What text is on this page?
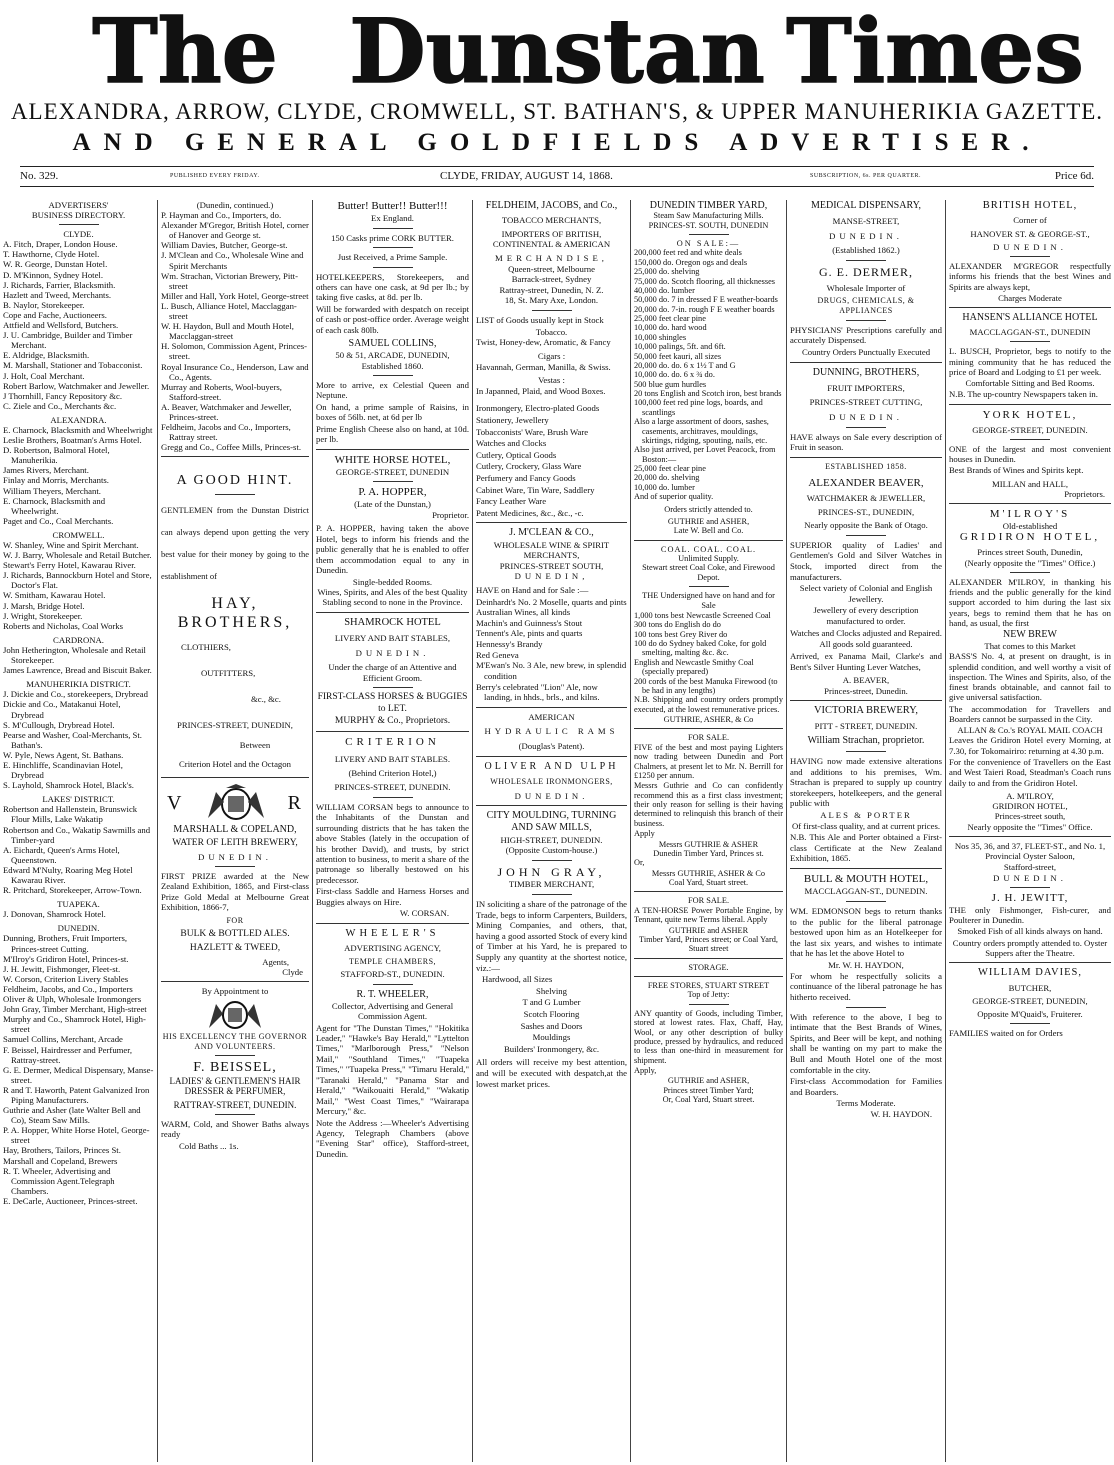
The Dunstan Times
ALEXANDRA, ARROW, CLYDE, CROMWELL, ST. BATHAN'S, & UPPER MANUHERIKIA GAZETTE.
AND GENERAL GOLDFIELDS ADVERTISER.
No. 329.	PUBLISHED EVERY FRIDAY.	CLYDE, FRIDAY, AUGUST 14, 1868.	SUBSCRIPTION, 6s. PER QUARTER.	Price 6d.
ADVERTISERS'
BUSINESS DIRECTORY.
CLYDE.

A. Fitch, Draper, London House.

T. Hawthorne, Clyde Hotel.

W. R. George, Dunstan Hotel.

D. M'Kinnon, Sydney Hotel.

J. Richards, Farrier, Blacksmith.

Hazlett and Tweed, Merchants.

B. Naylor, Storekeeper.

Cope and Fache, Auctioneers.

Attfield and Wellsford, Butchers.

J. U. Cambridge, Builder and Timber Merchant.

E. Aldridge, Blacksmith.

M. Marshall, Stationer and Tobacconist.

J. Holt, Coal Merchant.

Robert Barlow, Watchmaker and Jeweller.

J Thornhill, Fancy Repository &c.

C. Ziele and Co., Merchants &c.

ALEXANDRA.

E. Charnock, Blacksmith and Wheelwright

Leslie Brothers, Boatman's Arms Hotel.

D. Robertson, Balmoral Hotel, Manuherikia.

James Rivers, Merchant.

Finlay and Morris, Merchants.

William Theyers, Merchant.

E. Charnock, Blacksmith and Wheelwright.

Paget and Co., Coal Merchants.

CROMWELL.

W. Shanley, Wine and Spirit Merchant.

W. J. Barry, Wholesale and Retail Butcher.

Stewart's Ferry Hotel, Kawarau River.

J. Richards, Bannockburn Hotel and Store, Doctor's Flat.

W. Smitham, Kawarau Hotel.

J. Marsh, Bridge Hotel.

J. Wright, Storekeeper.

Roberts and Nicholas, Coal Works

CARDRONA.

John Hetherington, Wholesale and Retail Storekeeper.

James Lawrence, Bread and Biscuit Baker.

MANUHERIKIA DISTRICT.

J. Dickie and Co., storekeepers, Drybread

Dickie and Co., Matakanui Hotel, Drybread

S. M'Cullough, Drybread Hotel.

Pearse and Washer, Coal-Merchants, St. Bathan's.

W. Pyle, News Agent, St. Bathans.

E. Hinchliffe, Scandinavian Hotel, Drybread

S. Layhold, Shamrock Hotel, Black's.

LAKES' DISTRICT.

Robertson and Hallenstein, Brunswick Flour Mills, Lake Wakatip

Robertson and Co., Wakatip Sawmills and Timber-yard

A. Eichardt, Queen's Arms Hotel, Queenstown.

Edward M'Nulty, Roaring Meg Hotel Kawarau River.

R. Pritchard, Storekeeper, Arrow-Town.

TUAPEKA.

J. Donovan, Shamrock Hotel.

DUNEDIN.

Dunning, Brothers, Fruit Importers, Princes-street Cutting.

M'Ilroy's Gridiron Hotel, Princes-st.

J. H. Jewitt, Fishmonger, Fleet-st.

W. Corson, Criterion Livery Stables

Feldheim, Jacobs, and Co., Importers

Oliver & Ulph, Wholesale Ironmongers

John Gray, Timber Merchant, High-street

Murphy and Co., Shamrock Hotel, High-street

Samuel Collins, Merchant, Arcade

F. Beissel, Hairdresser and Perfumer, Rattray-street.

G. E. Dermer, Medical Dispensary, Manse-street.

R and T. Haworth, Patent Galvanized Iron Piping Manufacturers.

Guthrie and Asher (late Walter Bell and Co), Steam Saw Mills.

P. A. Hopper, White Horse Hotel, George-street

Hay, Brothers, Tailors, Princes St.

Marshall and Copeland, Brewers

R. T. Wheeler, Advertising and Commission Agent.Telegraph Chambers.

E. DeCarle, Auctioneer, Princes-street.

(Dunedin, continued.)

P. Hayman and Co., Importers, do.

Alexander M'Gregor, British Hotel, corner of Hanover and George st.

William Davies, Butcher, George-st.

J. M'Clean and Co., Wholesale Wine and Spirit Merchants

Wm. Strachan, Victorian Brewery, Pitt-street

Miller and Hall, York Hotel, George-street

L. Busch, Alliance Hotel, Macclaggan-street

W. H. Haydon, Bull and Mouth Hotel, Macclaggan-street

H. Solomon, Commission Agent, Princes-street.

Royal Insurance Co., Henderson, Law and Co., Agents.

Murray and Roberts, Wool-buyers, Stafford-street.

A. Beaver, Watchmaker and Jeweller, Princes-street.

Feldheim, Jacobs and Co., Importers, Rattray street.

Gregg and Co., Coffee Mills, Princes-st.

A GOOD HINT.

GENTLEMEN from the Dunstan District can always depend upon getting the very best value for their money by going to the establishment of

HAY, BROTHERS,
CLOTHIERS,
OUTFITTERS,
&c., &c.
PRINCES-STREET, DUNEDIN,
Between
Criterion Hotel and the Octagon
V	R
MARSHALL & COPELAND,
WATER OF LEITH BREWERY,
DUNEDIN.

FIRST PRIZE awarded at the New Zealand Exhibition, 1865, and First-class Prize Gold Medal at Melbourne Great Exhibition, 1866-7,

FOR
BULK & BOTTLED ALES.
HAZLETT & TWEED,
Agents,
Clyde
By Appointment to
HIS EXCELLENCY THE GOVERNOR AND VOLUNTEERS.
F. BEISSEL,
LADIES' & GENTLEMEN'S HAIR DRESSER & PERFUMER,
RATTRAY-STREET, DUNEDIN.

WARM, Cold, and Shower Baths always ready

Cold Baths ... 1s.
Butter! Butter!! Butter!!!
Ex England.
150 Casks prime CORK BUTTER.
Just Received, a Prime Sample.

HOTELKEEPERS, Storekeepers, and others can have one cask, at 9d per lb.; by taking five casks, at 8d. per lb.

Will be forwarded with despatch on receipt of cash or post-office order. Average weight of each cask 80lb.

SAMUEL COLLINS,
50 & 51, ARCADE, DUNEDIN,
Established 1860.

More to arrive, ex Celestial Queen and Neptune.

On hand, a prime sample of Raisins, in boxes of 56lb. net, at 6d per lb

Prime English Cheese also on hand, at 10d. per lb.

WHITE HORSE HOTEL,
GEORGE-STREET, DUNEDIN
P. A. HOPPER,
(Late of the Dunstan,)
Proprietor.

P. A. HOPPER, having taken the above Hotel, begs to inform his friends and the public generally that he is enabled to offer them accommodation equal to any in Dunedin.

Single-bedded Rooms.
Wines, Spirits, and Ales of the best Quality
Stabling second to none in the Province.
SHAMROCK HOTEL
LIVERY AND BAIT STABLES,
DUNEDIN.

Under the charge of an Attentive and Efficient Groom.

FIRST-CLASS HORSES & BUGGIES to LET.

MURPHY & Co., Proprietors.
CRITERION
LIVERY AND BAIT STABLES.
(Behind Criterion Hotel,)
PRINCES-STREET, DUNEDIN.

WILLIAM CORSAN begs to announce to the Inhabitants of the Dunstan and surrounding districts that he has taken the above Stables (lately in the occupation of his brother David), and trusts, by strict attention to business, to merit a share of the patronage so liberally bestowed on his predecessor.

First-class Saddle and Harness Horses and Buggies always on Hire.

W. CORSAN.
WHEELER'S
ADVERTISING AGENCY,
TEMPLE CHAMBERS,
STAFFORD-ST., DUNEDIN.
R. T. WHEELER,

Collector, Advertising and General Commission Agent.

Agent for "The Dunstan Times," "Hokitika Leader," "Hawke's Bay Herald," "Lyttelton Times," "Marlborough Press," "Nelson Mail," "Southland Times," "Tuapeka Times," "Tuapeka Press," "Timaru Herald," "Taranaki Herald," "Panama Star and Herald," "Waikouaiti Herald," "Wakatip Mail," "West Coast Times," "Wairarapa Mercury," &c.

Note the Address :—Wheeler's Advertising Agency, Telegraph Chambers (above "Evening Star" office), Stafford-street, Dunedin.

FELDHEIM, JACOBS, and Co.,
TOBACCO MERCHANTS,
IMPORTERS OF BRITISH, CONTINENTAL & AMERICAN
MERCHANDISE,
Queen-street, Melbourne
Barrack-street, Sydney
Rattray-street, Dunedin, N. Z.
18, St. Mary Axe, London.

LIST of Goods usually kept in Stock

Tobacco.

Twist, Honey-dew, Aromatic, & Fancy

Cigars :

Havannah, German, Manilla, & Swiss.

Vestas :

In Japanned, Plaid, and Wood Boxes.

Ironmongery, Electro-plated Goods

Stationery, Jewellery

Tobacconists' Ware, Brush Ware

Watches and Clocks

Cutlery, Optical Goods

Cutlery, Crockery, Glass Ware

Perfumery and Fancy Goods

Cabinet Ware, Tin Ware, Saddlery

Fancy Leather Ware

Patent Medicines, &c., &c., -c.

J. M'CLEAN & CO.,
WHOLESALE WINE & SPIRIT MERCHANTS,
PRINCES-STREET SOUTH,
DUNEDIN,

HAVE on Hand and for Sale :—

Deinhardt's No. 2 Moselle, quarts and pints

Australian Wines, all kinds

Machin's and Guinness's Stout

Tennent's Ale, pints and quarts

Hennessy's Brandy

Red Geneva

M'Ewan's No. 3 Ale, new brew, in splendid condition

Berry's celebrated "Lion" Ale, now landing, in hhds., brls., and kilns.

AMERICAN
HYDRAULIC RAMS
(Douglas's Patent).
OLIVER AND ULPH
WHOLESALE IRONMONGERS,
DUNEDIN.
CITY MOULDING, TURNING AND SAW MILLS,
HIGH-STREET, DUNEDIN.
(Opposite Custom-house.)
JOHN GRAY,
TIMBER MERCHANT,

IN soliciting a share of the patronage of the Trade, begs to inform Carpenters, Builders, Mining Companies, and others, that, having a good assorted Stock of every kind of Timber at his Yard, he is prepared to Supply any quantity at the shortest notice, viz.:—

Hardwood, all Sizes

Shelving

T and G Lumber

Scotch Flooring

Sashes and Doors

Mouldings

Builders' Ironmongery, &c.

All orders will receive my best attention, and will be executed with despatch,at the lowest market prices.

DUNEDIN TIMBER YARD,
Steam Saw Manufacturing Mills.
PRINCES-ST. SOUTH, DUNEDIN
ON SALE:—

200,000 feet red and white deals

150,000 do. Oregon ogs and deals

25,000 do. shelving

75,000 do. Scotch flooring, all thicknesses

40,000 do. lumber

50,000 do. 7 in dressed F E weather-boards

20,000 do. 7-in. rough F E weather boards

25,000 feet clear pine

10,000 do. hard wood

10,000 shingles

10,000 palings, 5ft. and 6ft.

50,000 feet kauri, all sizes

20,000 do. do. 6 x 1½ T and G

10,000 do. do. 6 x ¾ do.

500 blue gum hurdles

20 tons English and Scotch iron, best brands

100,000 feet red pine logs, boards, and scantlings

Also a large assortment of doors, sashes, casements, architraves, mouldings, skirtings, ridging, spouting, nails, etc.

Also just arrived, per Lovet Peacock, from Boston:—

25,000 feet clear pine

20,000 do. shelving

10,000 do. lumber

And of superior quality.

Orders strictly attended to.
GUTHRIE and ASHER,
Late W. Bell and Co.
COAL. COAL. COAL.
Unlimited Supply.
Stewart street Coal Coke, and Firewood Depot.

THE Undersigned have on hand and for Sale

1,000 tons best Newcastle Screened Coal

300 tons do English do do

100 tons best Grey River do

100 do do Sydney baked Coke, for gold smelting, malting &c. &c.

English and Newcastle Smithy Coal (specially prepared)

200 cords of the best Manuka Firewood (to be had in any lengths)

N.B. Shipping and country orders promptly executed, at the lowest remunerative prices.

GUTHRIE, ASHER, & Co
FOR SALE.

FIVE of the best and most paying Lighters now trading between Dunedin and Port Chalmers, at present let to Mr. N. Berrill for £1250 per annum.

Messrs Guthrie and Co can confidently recommend this as a first class investment; their only reason for selling is their having determined to relinquish this branch of their business.

Apply

Messrs GUTHRIE & ASHER
Dunedin Timber Yard, Princes st.

Or,

Messrs GUTHRIE, ASHER & Co
Coal Yard, Stuart street.
FOR SALE.

A TEN-HORSE Power Portable Engine, by Tennant, quite new Terms liberal. Apply

GUTHRIE and ASHER
Timber Yard, Princes street; or Coal Yard, Stuart street
STORAGE.
FREE STORES, STUART STREET
Top of Jetty:

ANY quantity of Goods, including Timber, stored at lowest rates. Flax, Chaff, Hay, Wool, or any other description of bulky produce, pressed by hydraulics, and reduced to less than one-third in measurement for shipment.

Apply,

GUTHRIE and ASHER,
Princes street Timber Yard;
Or, Coal Yard, Stuart street.
MEDICAL DISPENSARY,
MANSE-STREET,
DUNEDIN.
(Established 1862.)
G. E. DERMER,
Wholesale Importer of
DRUGS, CHEMICALS, & APPLIANCES

PHYSICIANS' Prescriptions carefully and accurately Dispensed.

Country Orders Punctually Executed
DUNNING, BROTHERS,
FRUIT IMPORTERS,
PRINCES-STREET CUTTING,
DUNEDIN.

HAVE always on Sale every description of Fruit in season.

ESTABLISHED 1858.
ALEXANDER BEAVER,
WATCHMAKER & JEWELLER,
PRINCES-ST., DUNEDIN,
Nearly opposite the Bank of Otago.

SUPERIOR quality of Ladies' and Gentlemen's Gold and Silver Watches in Stock, imported direct from the manufacturers.

Select variety of Colonial and English Jewellery.

Jewellery of every description manufactured to order.

Watches and Clocks adjusted and Repaired.

All goods sold guaranteed.

Arrived, ex Panama Mail, Clarke's and Bent's Silver Hunting Lever Watches,

A. BEAVER,
Princes-street, Dunedin.
VICTORIA BREWERY,
PITT - STREET, DUNEDIN.
William Strachan, proprietor.

HAVING now made extensive alterations and additions to his premises, Wm. Strachan is prepared to supply up country storekeepers, hotelkeepers, and the general public with

ALES & PORTER

Of first-class quality, and at current prices.

N.B. This Ale and Porter obtained a First-class Certificate at the New Zealand Exhibition, 1865.

BULL & MOUTH HOTEL,
MACCLAGGAN-ST., DUNEDIN.

WM. EDMONSON begs to return thanks to the public for the liberal patronage bestowed upon him as an Hotelkeeper for the last six years, and wishes to intimate that he has let the above Hotel to

Mr. W. H. HAYDON,

For whom he respectfully solicits a continuance of the liberal patronage he has hitherto received.

With reference to the above, I beg to intimate that the Best Brands of Wines, Spirits, and Beer will be kept, and nothing shall be wanting on my part to make the Bull and Mouth Hotel one of the most comfortable in the city.

First-class Accommodation for Families and Boarders.

Terms Moderate.
W. H. HAYDON.
BRITISH HOTEL,
Corner of
HANOVER ST. & GEORGE-ST.,
DUNEDIN.

ALEXANDER M'GREGOR respectfully informs his friends that the best Wines and Spirits are always kept,

Charges Moderate
HANSEN'S ALLIANCE HOTEL
MACCLAGGAN-ST., DUNEDIN

L. BUSCH, Proprietor, begs to notify to the mining community that he has reduced the price of Board and Lodging to £1 per week.

Comfortable Sitting and Bed Rooms.

N.B. The up-country Newspapers taken in.

YORK HOTEL,
GEORGE-STREET, DUNEDIN.

ONE of the largest and most convenient houses in Dunedin.

Best Brands of Wines and Spirits kept.

MILLAN and HALL,
Proprietors.
M'ILROY'S
Old-established
GRIDIRON HOTEL,
Princes street South, Dunedin,
(Nearly opposite the "Times" Office.)

ALEXANDER M'ILROY, in thanking his friends and the public generally for the kind support accorded to him during the last six years, begs to remind them that he has on hand, as usual, the first

NEW BREW
That comes to this Market

BASS'S No. 4, at present on draught, is in splendid condition, and well worthy a visit of inspection. The Wines and Spirits, also, of the finest brands obtainable, and cannot fail to give universal satisfaction.

The accommodation for Travellers and Boarders cannot be surpassed in the City.

ALLAN & Co.'s ROYAL MAIL COACH

Leaves the Gridiron Hotel every Morning, at 7.30, for Tokomairiro: returning at 4.30 p.m.

For the convenience of Travellers on the East and West Taieri Road, Steadman's Coach runs daily to and from the Gridiron Hotel.

A. M'ILROY,
GRIDIRON HOTEL,
Princes-street south,
Nearly opposite the "Times" Office.

Nos 35, 36, and 37, FLEET-ST., and No. 1, Provincial Oyster Saloon,

Stafford-street,
DUNEDIN.
J. H. JEWITT,

THE only Fishmonger, Fish-curer, and Poulterer in Dunedin.

Smoked Fish of all kinds always on hand.

Country orders promptly attended to. Oyster Suppers after the Theatre.

WILLIAM DAVIES,
BUTCHER,
GEORGE-STREET, DUNEDIN,
Opposite M'Quaid's, Fruiterer.

FAMILIES waited on for Orders
